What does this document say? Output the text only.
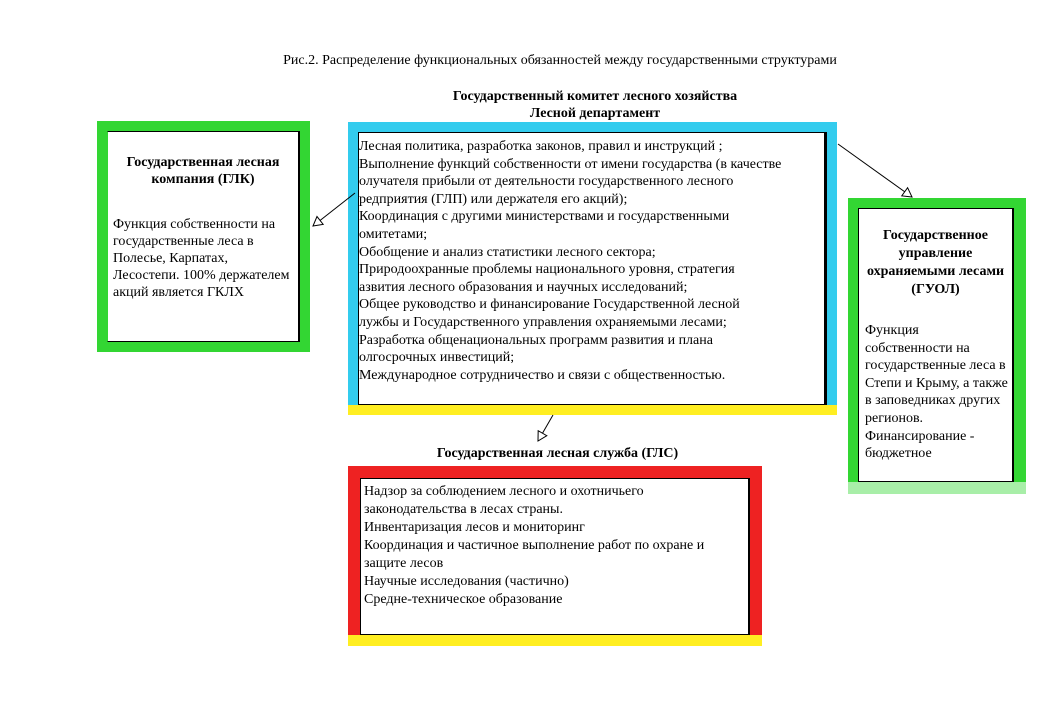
Рис.2. Распределение функциональных обязанностей между государственными структурами
Государственный комитет лесного хозяйства
Лесной департамент
Государственная лесная компания (ГЛК)
Функция собственности на государственные леса в Полесье, Карпатах, Лесостепи. 100% держателем акций является ГКЛХ
Лесная политика, разработка законов, правил и инструкций ;
Выполнение функций собственности от имени государства (в качестве
олучателя прибыли от деятельности государственного лесного
редприятия (ГЛП) или держателя его акций);
Координация с другими министерствами и государственными
омитетами;
Обобщение и анализ статистики лесного сектора;
Природоохранные проблемы национального уровня, стратегия
азвития лесного образования и научных исследований;
Общее руководство и финансирование Государственной лесной
лужбы и Государственного управления охраняемыми лесами;
Разработка общенациональных программ развития и плана
олгосрочных инвестиций;
Международное сотрудничество и связи с общественностью.
Государственное управление охраняемыми лесами (ГУОЛ)
Функция собственности на государственные леса в Степи и Крыму, а также в заповедниках других регионов. Финансирование - бюджетное
Государственная лесная служба (ГЛС)
Надзор за соблюдением лесного и охотничьего
законодательства в лесах страны.
Инвентаризация лесов и мониторинг
Координация и частичное выполнение работ по охране и
защите лесов
Научные исследования (частично)
Средне-техническое образование
